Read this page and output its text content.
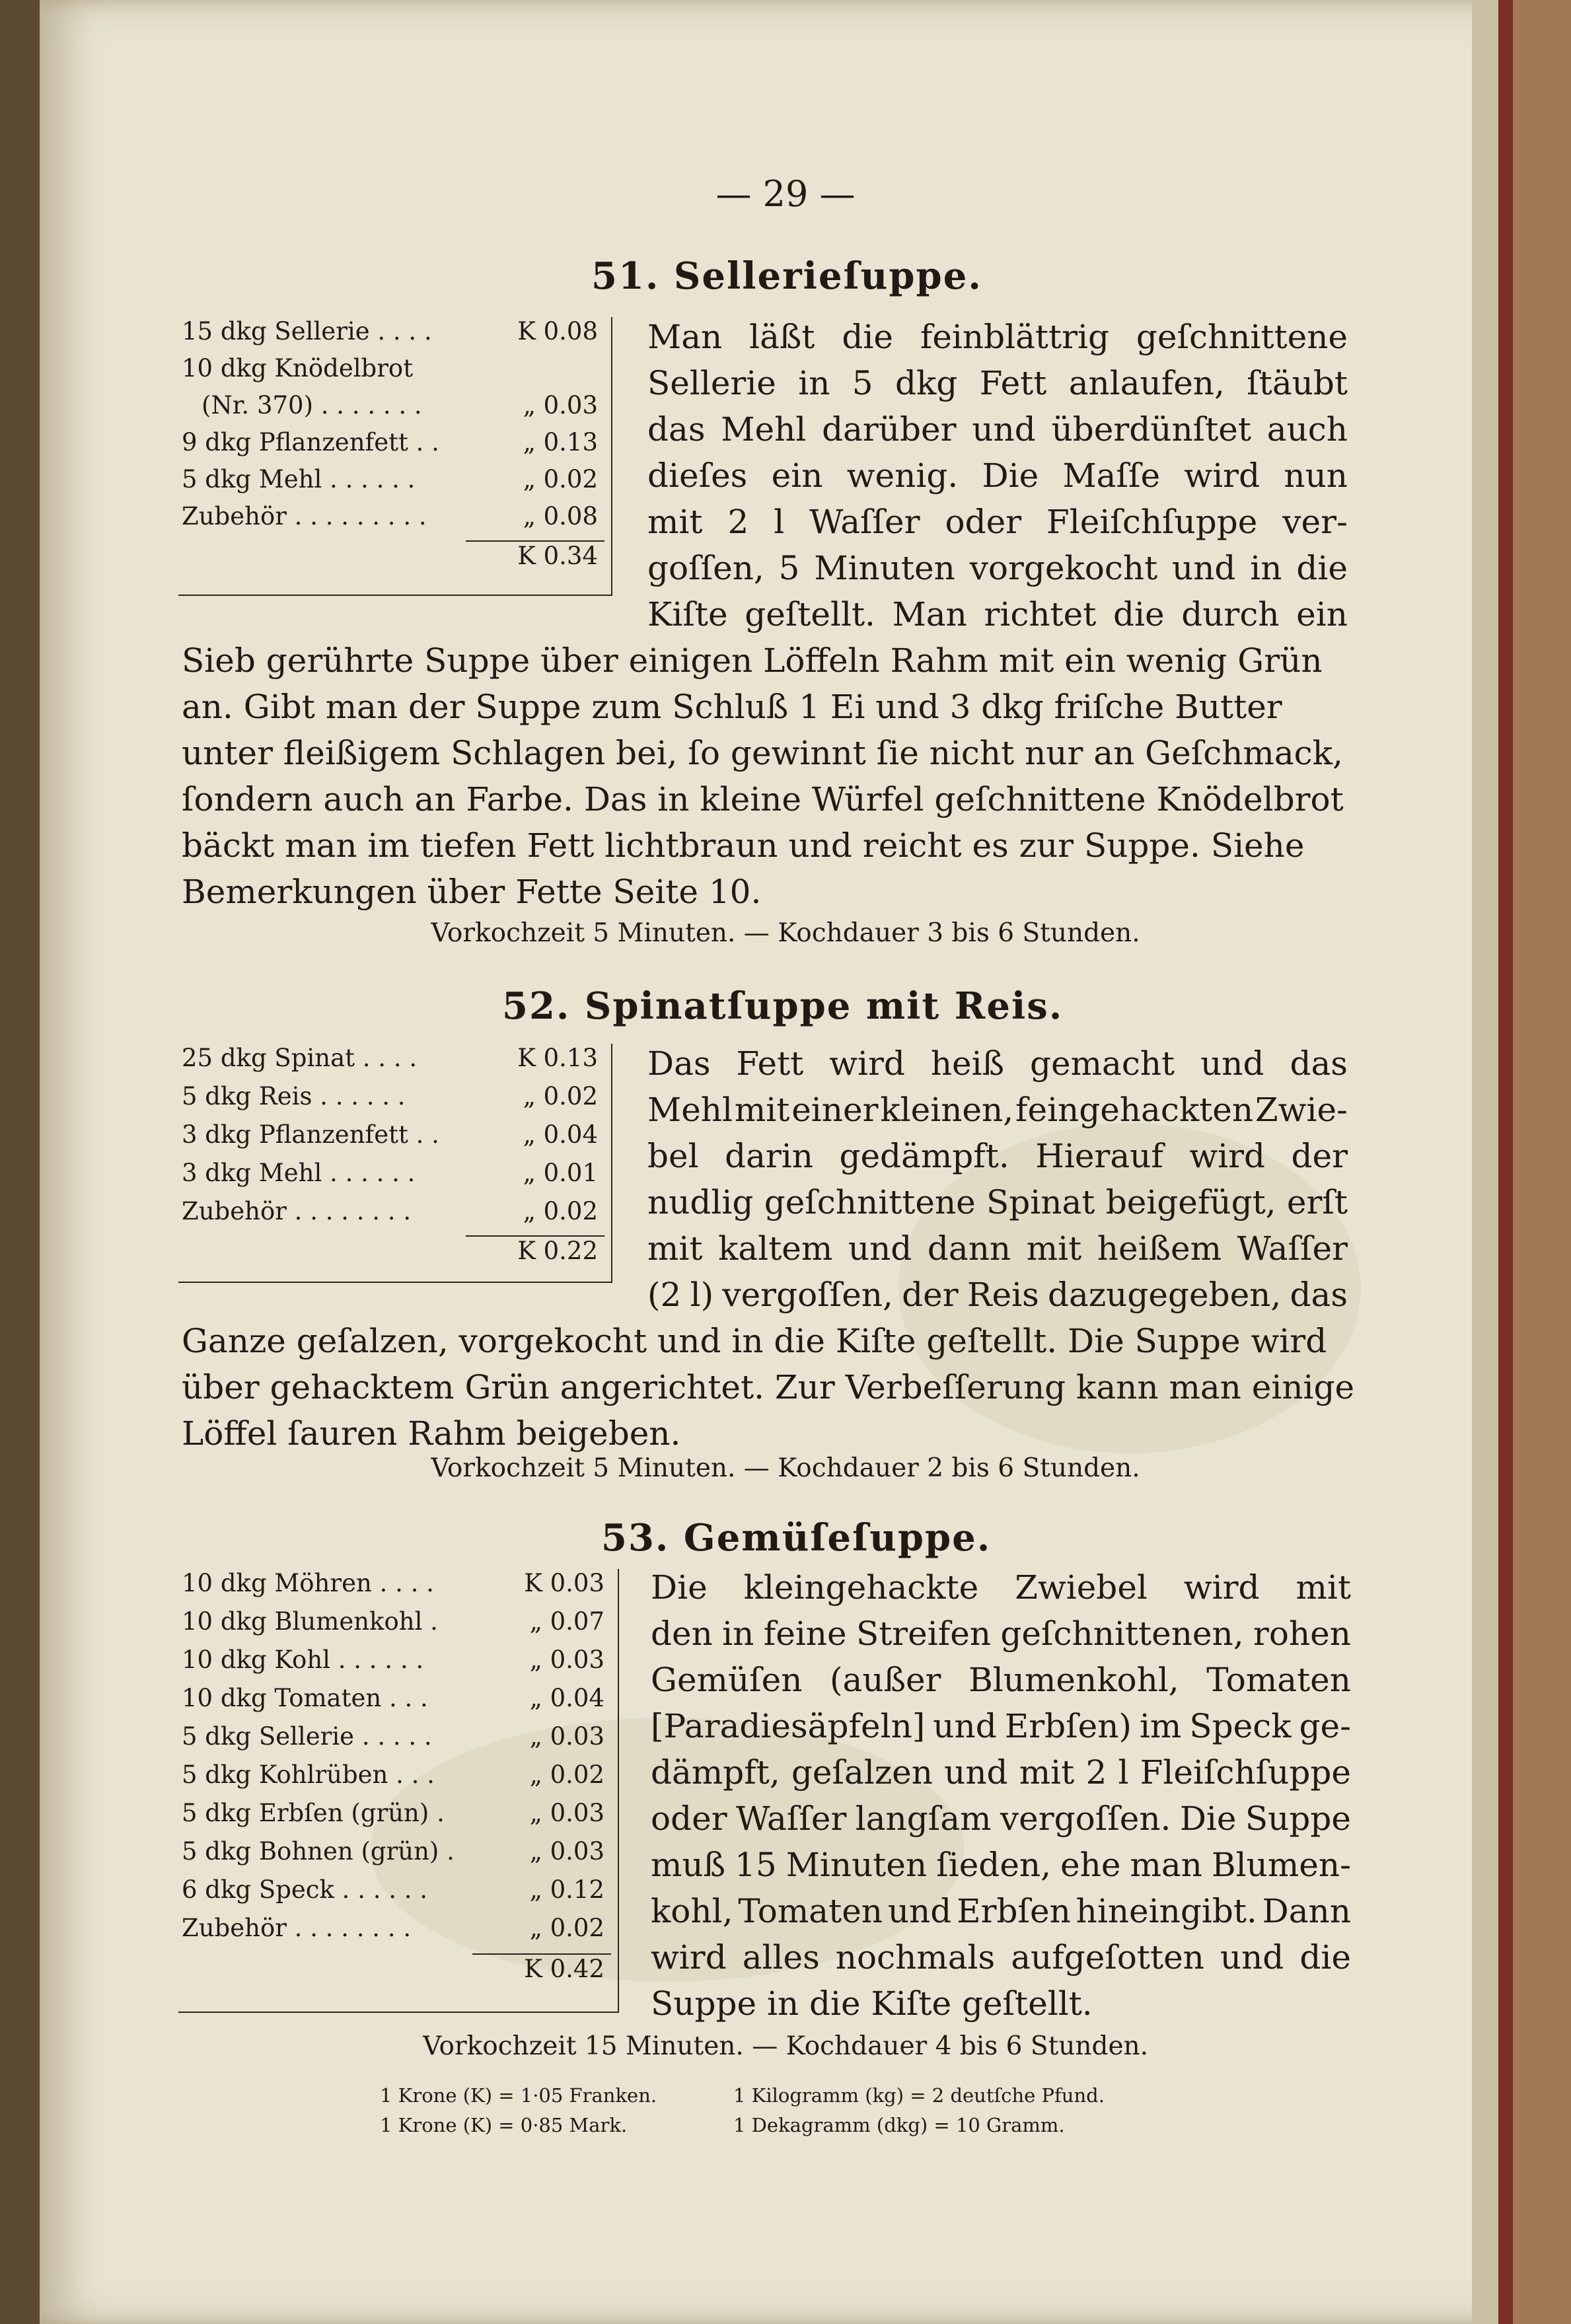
— 29 —
51. Sellerieſuppe.
15 dkg Sellerie . . . .	K 0.08
10 dkg Knödelbrot
(Nr. 370) . . . . . . .	„ 0.03
9 dkg Pflanzenfett . .	„ 0.13
5 dkg Mehl . . . . . .	„ 0.02
Zubehör . . . . . . . . .	„ 0.08
K 0.34
Man läßt die feinblättrig geſchnittene
Sellerie in 5 dkg Fett anlaufen, ſtäubt
das Mehl darüber und überdünſtet auch
dieſes ein wenig. Die Maſſe wird nun
mit 2 l Waſſer oder Fleiſchſuppe ver-
goſſen, 5 Minuten vorgekocht und in die
Kiſte geſtellt. Man richtet die durch ein
Sieb gerührte Suppe über einigen Löffeln Rahm mit ein wenig Grün
an. Gibt man der Suppe zum Schluß 1 Ei und 3 dkg friſche Butter
unter fleißigem Schlagen bei, ſo gewinnt ſie nicht nur an Geſchmack,
ſondern auch an Farbe. Das in kleine Würfel geſchnittene Knödelbrot
bäckt man im tiefen Fett lichtbraun und reicht es zur Suppe. Siehe
Bemerkungen über Fette Seite 10.
Vorkochzeit 5 Minuten. — Kochdauer 3 bis 6 Stunden.
52. Spinatſuppe mit Reis.
25 dkg Spinat . . . .	K 0.13
5 dkg Reis . . . . . .	„ 0.02
3 dkg Pflanzenfett . .	„ 0.04
3 dkg Mehl . . . . . .	„ 0.01
Zubehör . . . . . . . .	„ 0.02
K 0.22
Das Fett wird heiß gemacht und das
Mehl mit einer kleinen, feingehackten Zwie-
bel darin gedämpft. Hierauf wird der
nudlig geſchnittene Spinat beigefügt, erſt
mit kaltem und dann mit heißem Waſſer
(2 l) vergoſſen, der Reis dazugegeben, das
Ganze geſalzen, vorgekocht und in die Kiſte geſtellt. Die Suppe wird
über gehacktem Grün angerichtet. Zur Verbeſſerung kann man einige
Löffel ſauren Rahm beigeben.
Vorkochzeit 5 Minuten. — Kochdauer 2 bis 6 Stunden.
53. Gemüſeſuppe.
10 dkg Möhren . . . .	K 0.03
10 dkg Blumenkohl .	„ 0.07
10 dkg Kohl . . . . . .	„ 0.03
10 dkg Tomaten . . .	„ 0.04
5 dkg Sellerie . . . . .	„ 0.03
5 dkg Kohlrüben . . .	„ 0.02
5 dkg Erbſen (grün) .	„ 0.03
5 dkg Bohnen (grün) .	„ 0.03
6 dkg Speck . . . . . .	„ 0.12
Zubehör . . . . . . . .	„ 0.02
K 0.42
Die kleingehackte Zwiebel wird mit
den in feine Streifen geſchnittenen, rohen
Gemüſen (außer Blumenkohl, Tomaten
[Paradiesäpfeln] und Erbſen) im Speck ge-
dämpft, geſalzen und mit 2 l Fleiſchſuppe
oder Waſſer langſam vergoſſen. Die Suppe
muß 15 Minuten ſieden, ehe man Blumen-
kohl, Tomaten und Erbſen hineingibt. Dann
wird alles nochmals aufgeſotten und die
Suppe in die Kiſte geſtellt.
Vorkochzeit 15 Minuten. — Kochdauer 4 bis 6 Stunden.
1 Krone (K) = 1·05 Franken.
1 Krone (K) = 0·85 Mark.
1 Kilogramm (kg) = 2 deutſche Pfund.
1 Dekagramm (dkg) = 10 Gramm.
